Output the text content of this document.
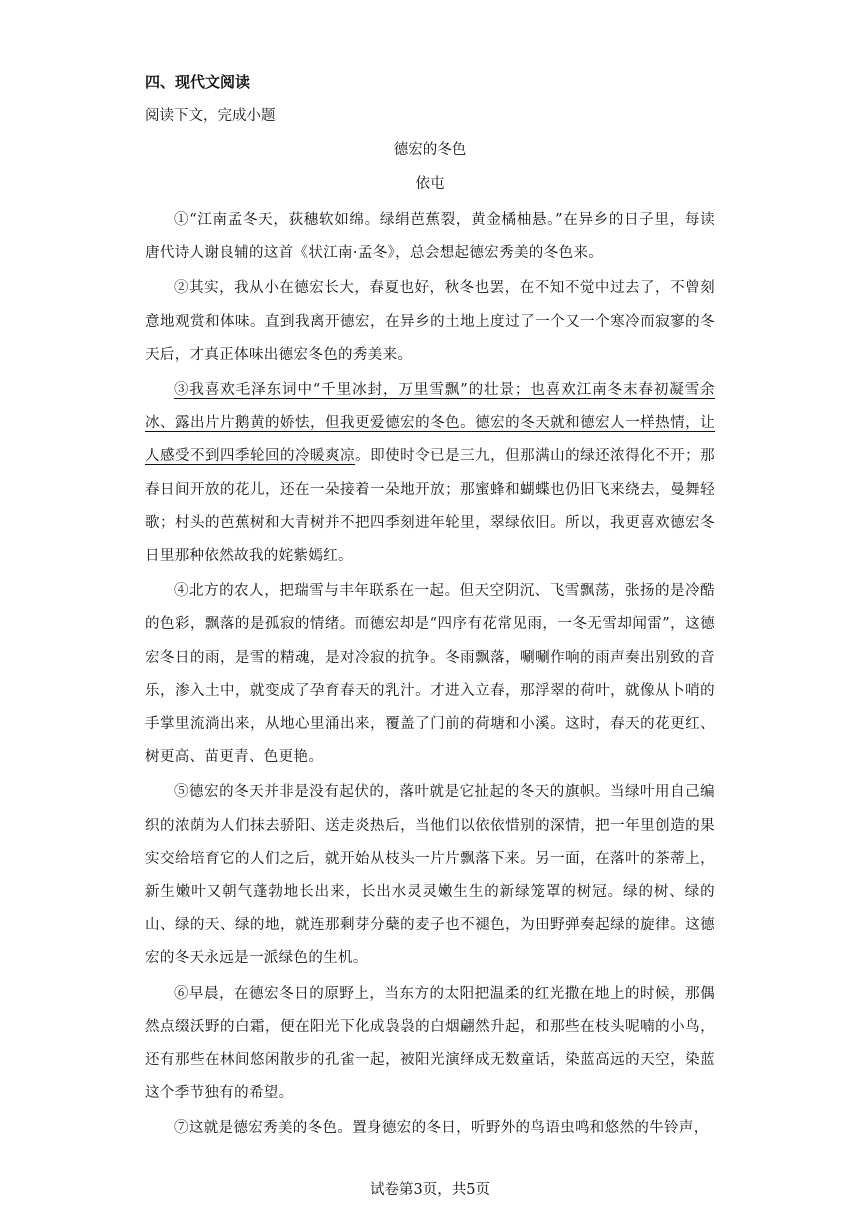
四、现代文阅读
阅读下文，完成小题
德宏的冬色
依屯

①“江南孟冬天，荻穗软如绵。绿绢芭蕉裂，黄金橘柚悬。”在异乡的日子里，每读唐代诗人谢良辅的这首《状江南·孟冬》，总会想起德宏秀美的冬色来。

②其实，我从小在德宏长大，春夏也好，秋冬也罢，在不知不觉中过去了，不曾刻意地观赏和体味。直到我离开德宏，在异乡的土地上度过了一个又一个寒冷而寂寥的冬天后，才真正体味出德宏冬色的秀美来。

③我喜欢毛泽东词中“千里冰封，万里雪飘”的壮景；也喜欢江南冬末春初凝雪余冰、露出片片鹅黄的娇怯，但我更爱德宏的冬色。德宏的冬天就和德宏人一样热情，让人感受不到四季轮回的冷暖爽凉。即使时令已是三九，但那满山的绿还浓得化不开；那春日间开放的花儿，还在一朵接着一朵地开放；那蜜蜂和蝴蝶也仍旧飞来绕去，曼舞轻歌；村头的芭蕉树和大青树并不把四季刻进年轮里，翠绿依旧。所以，我更喜欢德宏冬日里那种依然故我的姹紫嫣红。

④北方的农人，把瑞雪与丰年联系在一起。但天空阴沉、飞雪飘荡，张扬的是冷酷的色彩，飘落的是孤寂的情绪。而德宏却是“四序有花常见雨，一冬无雪却闻雷”，这德宏冬日的雨，是雪的精魂，是对冷寂的抗争。冬雨飘落，唰唰作响的雨声奏出别致的音乐，渗入土中，就变成了孕育春天的乳汁。才进入立春，那浮翠的荷叶，就像从卜哨的手掌里流淌出来，从地心里涌出来，覆盖了门前的荷塘和小溪。这时，春天的花更红、树更高、苗更青、色更艳。

⑤德宏的冬天并非是没有起伏的，落叶就是它扯起的冬天的旗帜。当绿叶用自己编织的浓荫为人们抹去骄阳、送走炎热后，当他们以依依惜别的深情，把一年里创造的果实交给培育它的人们之后，就开始从枝头一片片飘落下来。另一面，在落叶的茶蒂上，新生嫩叶又朝气蓬勃地长出来，长出水灵灵嫩生生的新绿笼罩的树冠。绿的树、绿的山、绿的天、绿的地，就连那剩芽分蘖的麦子也不褪色，为田野弹奏起绿的旋律。这德宏的冬天永远是一派绿色的生机。

⑥早晨，在德宏冬日的原野上，当东方的太阳把温柔的红光撒在地上的时候，那偶然点缀沃野的白霜，便在阳光下化成袅袅的白烟翩然升起，和那些在枝头呢喃的小鸟，还有那些在林间悠闲散步的孔雀一起，被阳光演绎成无数童话，染蓝高远的天空，染蓝这个季节独有的希望。

⑦这就是德宏秀美的冬色。置身德宏的冬日，听野外的鸟语虫鸣和悠然的牛铃声，

试卷第3页，共5页
